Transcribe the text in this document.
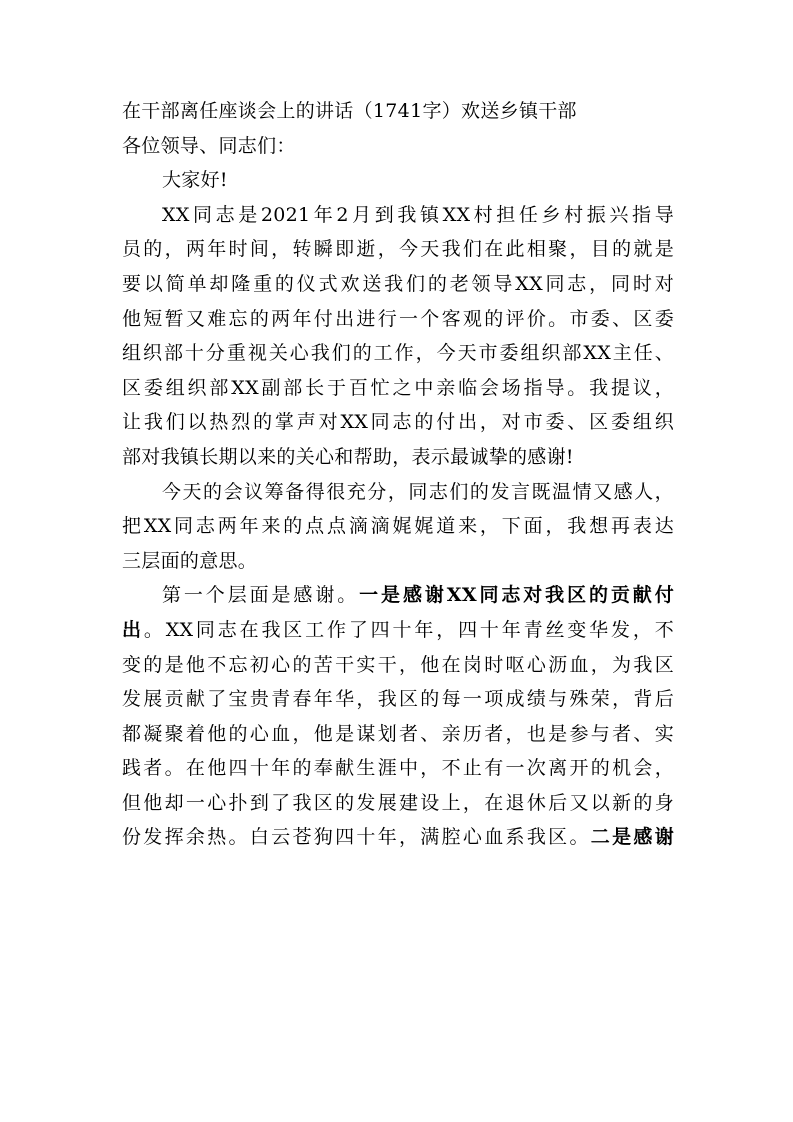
在干部离任座谈会上的讲话（1741字）欢送乡镇干部
各位领导、同志们：
大家好!
XX同志是2021年2月到我镇XX村担任乡村振兴指导
员的，两年时间，转瞬即逝，今天我们在此相聚，目的就是
要以简单却隆重的仪式欢送我们的老领导XX同志，同时对
他短暂又难忘的两年付出进行一个客观的评价。市委、区委
组织部十分重视关心我们的工作，今天市委组织部XX主任、
区委组织部XX副部长于百忙之中亲临会场指导。我提议，
让我们以热烈的掌声对XX同志的付出，对市委、区委组织
部对我镇长期以来的关心和帮助，表示最诚挚的感谢!
今天的会议筹备得很充分，同志们的发言既温情又感人，
把XX同志两年来的点点滴滴娓娓道来，下面，我想再表达
三层面的意思。
第一个层面是感谢。一是感谢XX同志对我区的贡献付
出。XX同志在我区工作了四十年，四十年青丝变华发，不
变的是他不忘初心的苦干实干，他在岗时呕心沥血，为我区
发展贡献了宝贵青春年华，我区的每一项成绩与殊荣，背后
都凝聚着他的心血，他是谋划者、亲历者，也是参与者、实
践者。在他四十年的奉献生涯中，不止有一次离开的机会，
但他却一心扑到了我区的发展建设上，在退休后又以新的身
份发挥余热。白云苍狗四十年，满腔心血系我区。二是感谢
